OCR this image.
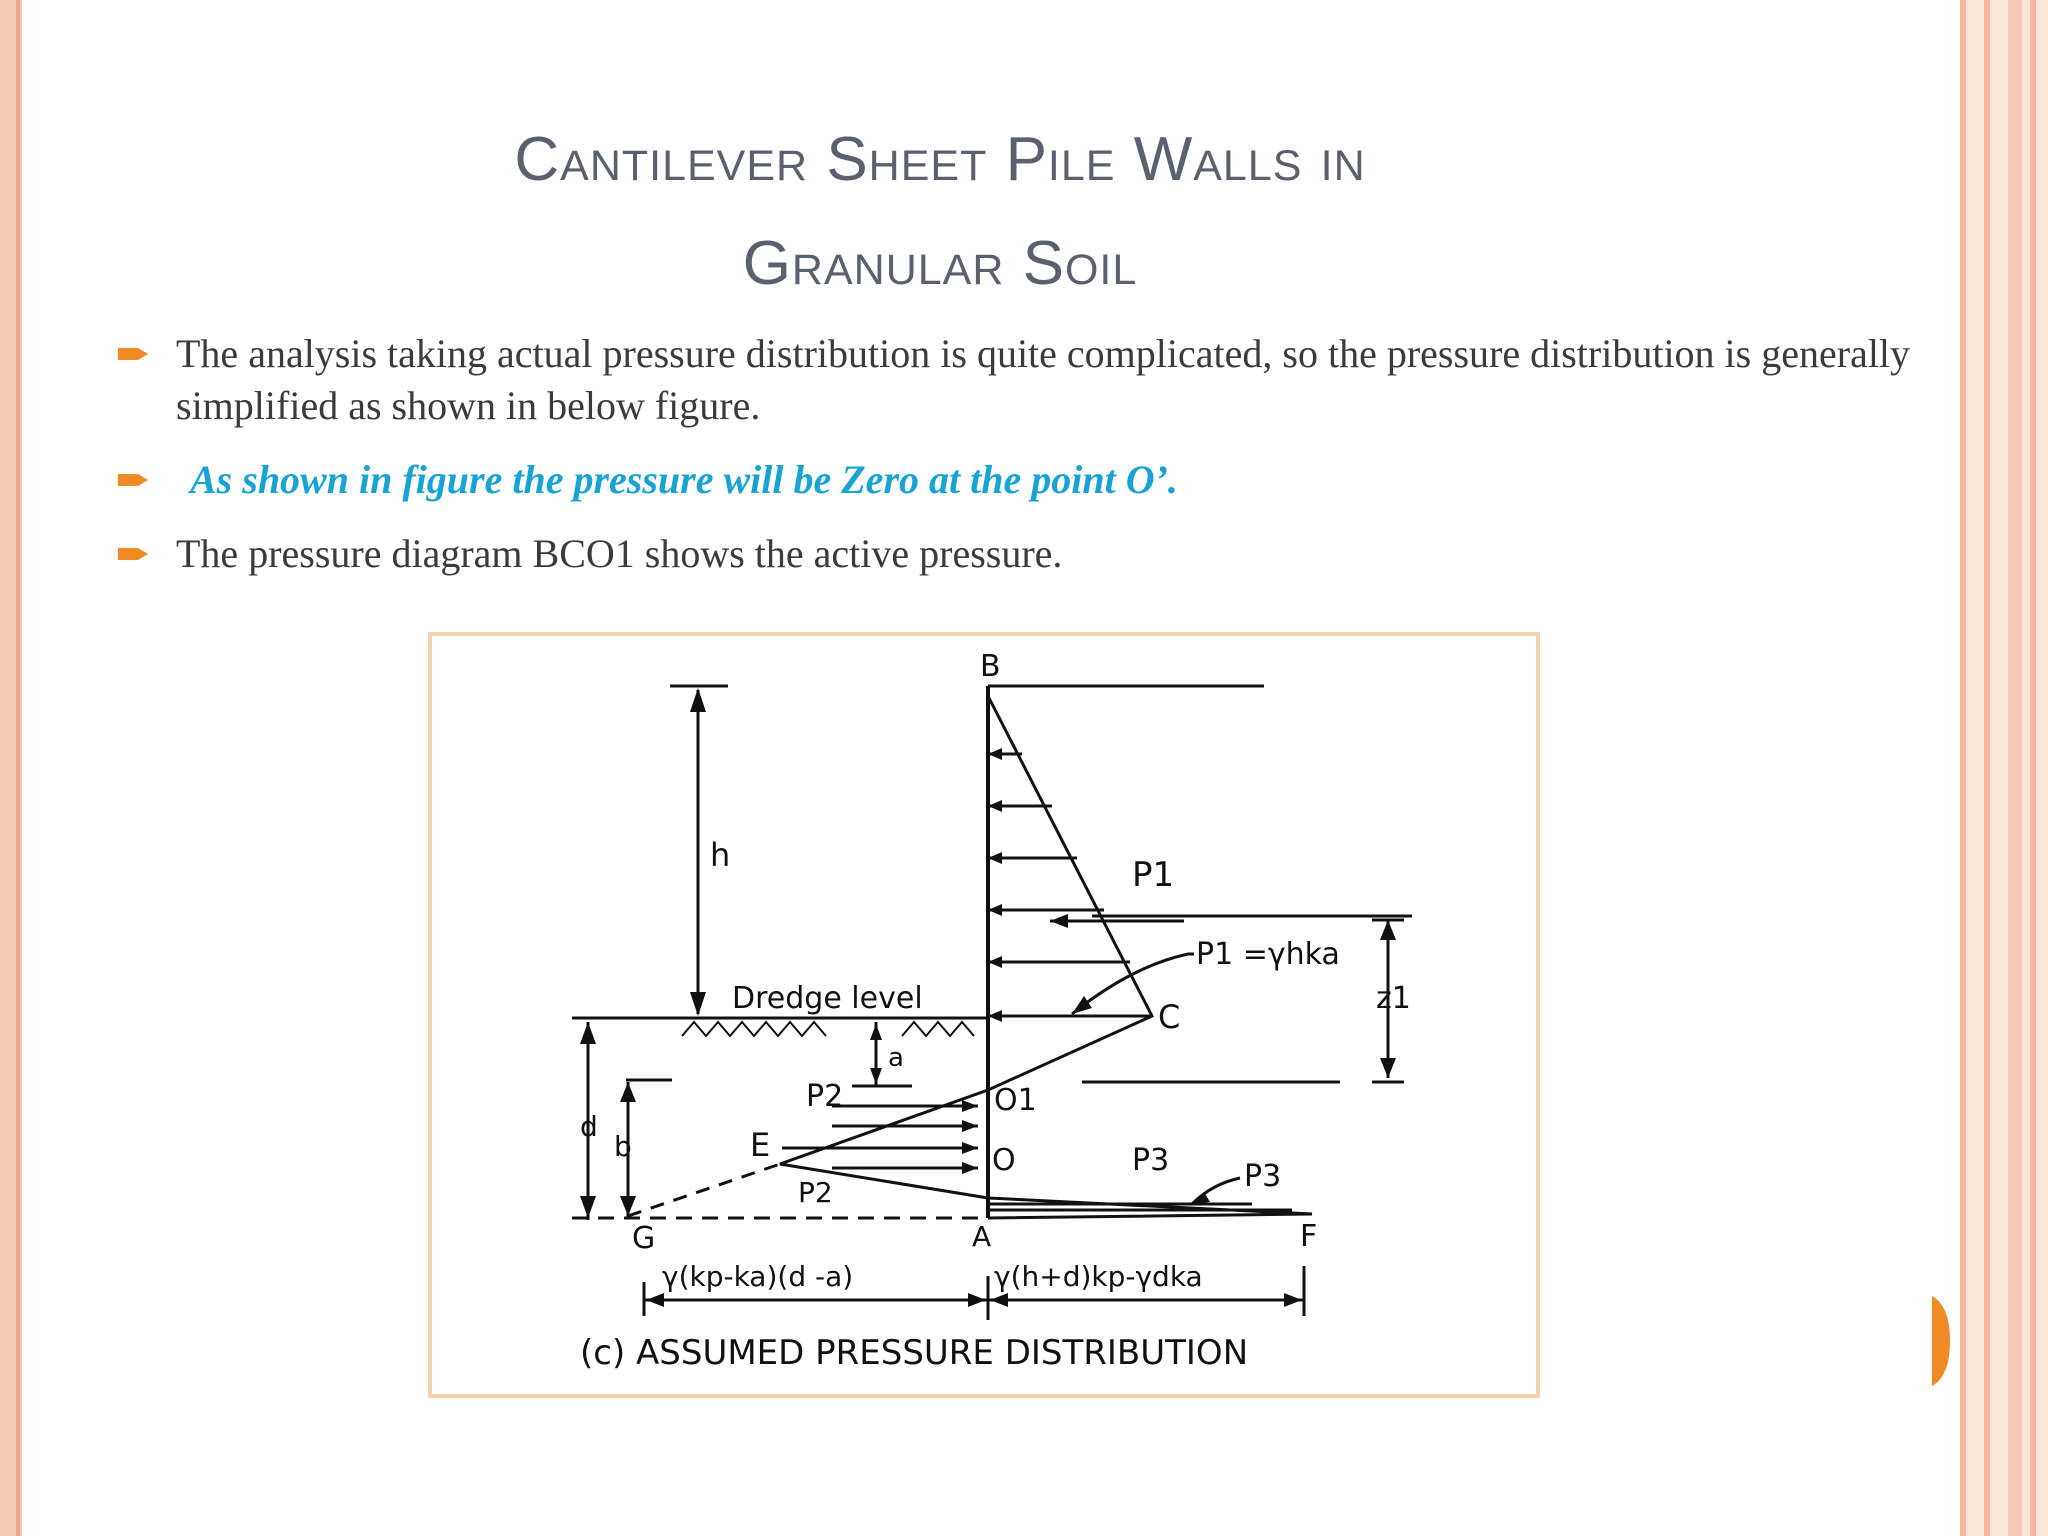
Cantilever Sheet Pile Walls in
Granular Soil
The analysis taking actual pressure distribution is quite complicated, so the pressure distribution is generally simplified as shown in below figure.
As shown in figure the pressure will be Zero at the point O’.
The pressure diagram BCO1 shows the active pressure.
B
h	P1
P1 =γhka
z1
C
Dredge level
a
d
b
P2	O1
E	O	P3 P3
P2
G	A	F
γ(kp-ka)(d -a)	γ(h+d)kp-γdka
(c) ASSUMED PRESSURE DISTRIBUTION
